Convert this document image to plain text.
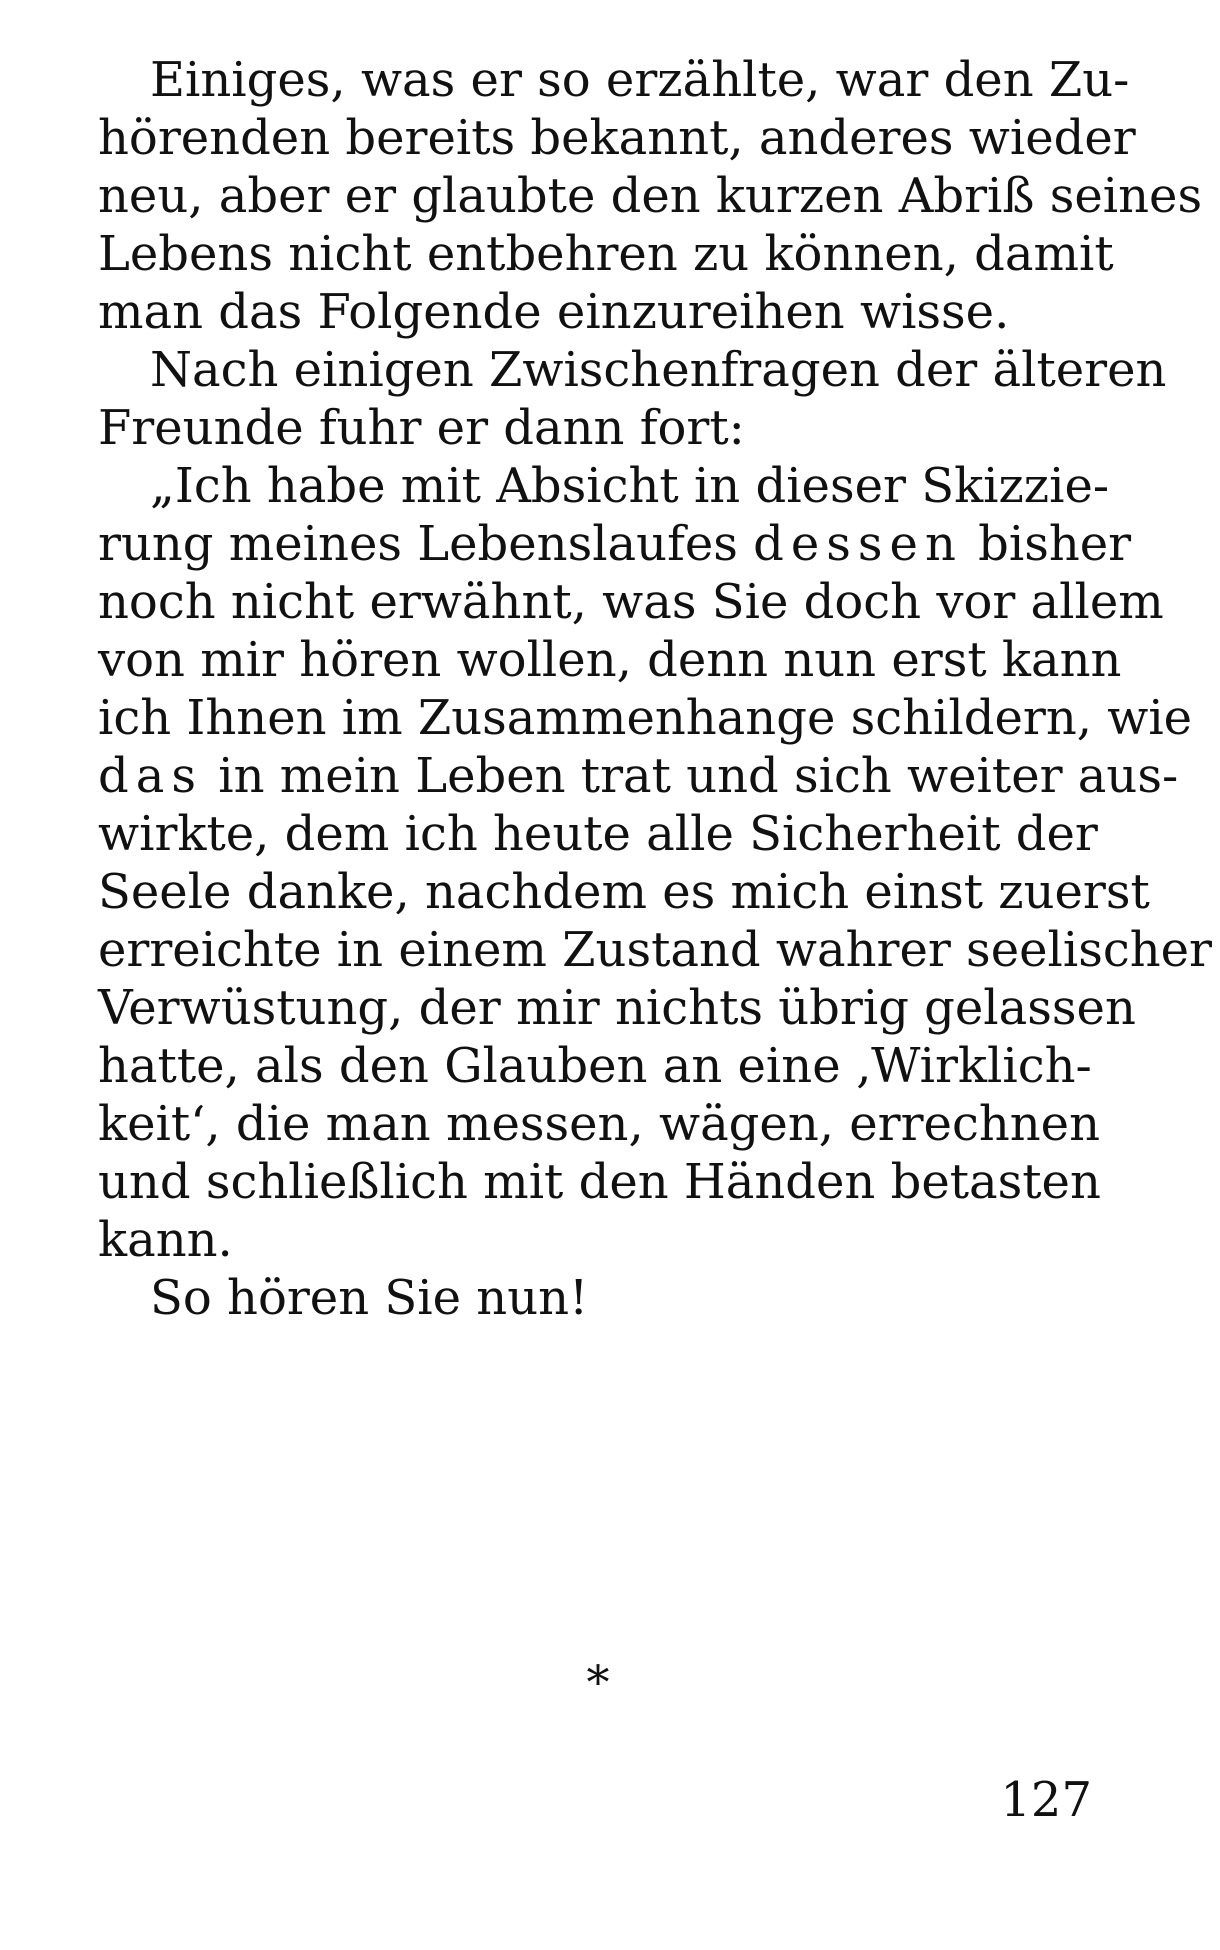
Einiges, was er so erzählte, war den Zu-
hörenden bereits bekannt, anderes wieder
neu, aber er glaubte den kurzen Abriß seines
Lebens nicht entbehren zu können, damit
man das Folgende einzureihen wisse.
Nach einigen Zwischenfragen der älteren
Freunde fuhr er dann fort:
„Ich habe mit Absicht in dieser Skizzie-
rung meines Lebenslaufes dessen bisher
noch nicht erwähnt, was Sie doch vor allem
von mir hören wollen, denn nun erst kann
ich Ihnen im Zusammenhange schildern, wie
das in mein Leben trat und sich weiter aus-
wirkte, dem ich heute alle Sicherheit der
Seele danke, nachdem es mich einst zuerst
erreichte in einem Zustand wahrer seelischer
Verwüstung, der mir nichts übrig gelassen
hatte, als den Glauben an eine ‚Wirklich-
keit‘, die man messen, wägen, errechnen
und schließlich mit den Händen betasten
kann.
So hören Sie nun!
*
127
